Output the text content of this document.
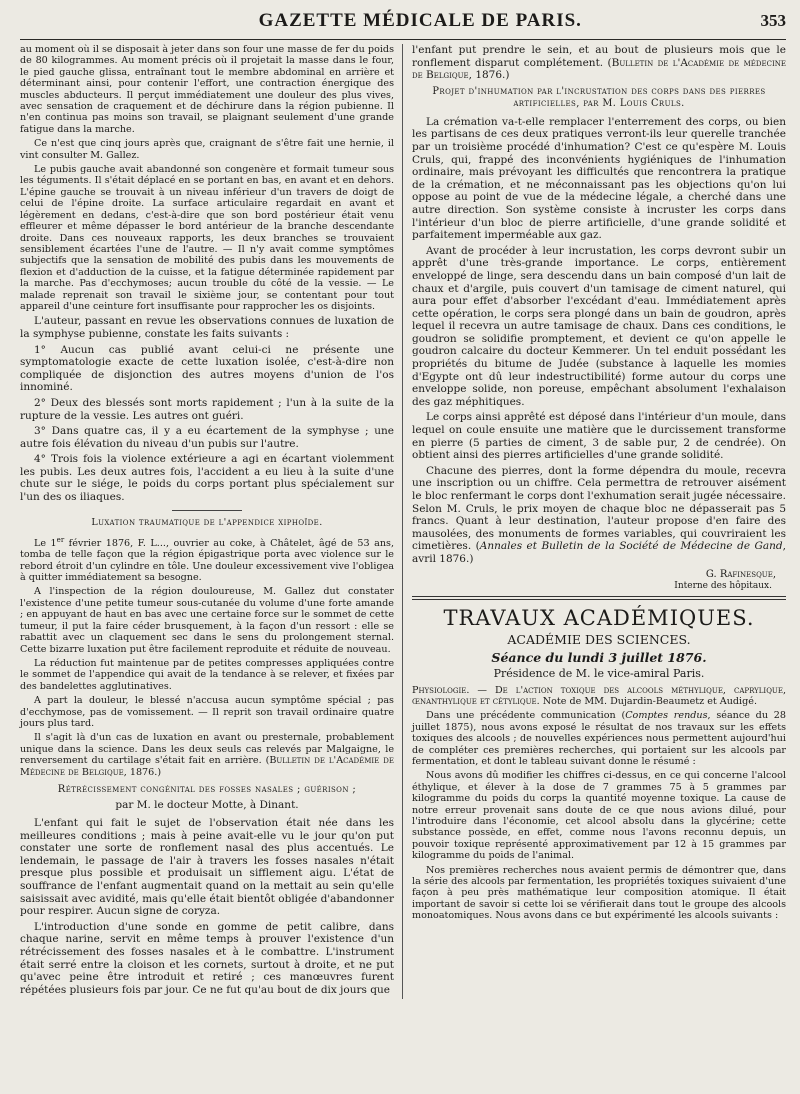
GAZETTE MÉDICALE DE PARIS.	353

au moment où il se disposait à jeter dans son four une masse de fer du poids de 80 kilogrammes. Au moment précis où il projetait la masse dans le four, le pied gauche glissa, entraînant tout le membre abdominal en arrière et déterminant ainsi, pour contenir l'effort, une contraction énergique des muscles abducteurs. Il perçut immédiatement une douleur des plus vives, avec sensation de craquement et de déchirure dans la région pubienne. Il n'en continua pas moins son travail, se plaignant seulement d'une grande fatigue dans la marche.

Ce n'est que cinq jours après que, craignant de s'être fait une hernie, il vint consulter M. Gallez.

Le pubis gauche avait abandonné son congenère et formait tumeur sous les téguments. Il s'était déplacé en se portant en bas, en avant et en dehors. L'épine gauche se trouvait à un niveau inférieur d'un travers de doigt de celui de l'épine droite. La surface articulaire regardait en avant et légèrement en dedans, c'est-à-dire que son bord postérieur était venu effleurer et même dépasser le bord antérieur de la branche descendante droite. Dans ces nouveaux rapports, les deux branches se trouvaient sensiblement écartées l'une de l'autre. — Il n'y avait comme symptômes subjectifs que la sensation de mobilité des pubis dans les mouvements de flexion et d'adduction de la cuisse, et la fatigue déterminée rapidement par la marche. Pas d'ecchymoses; aucun trouble du côté de la vessie. — Le malade reprenait son travail le sixième jour, se contentant pour tout appareil d'une ceinture fort insuffisante pour rapprocher les os disjoints.

L'auteur, passant en revue les observations connues de luxation de la symphyse pubienne, constate les faits suivants :

1° Aucun cas publié avant celui-ci ne présente une symptomatologie exacte de cette luxation isolée, c'est-à-dire non compliquée de disjonction des autres moyens d'union de l'os innominé.

2° Deux des blessés sont morts rapidement ; l'un à la suite de la rupture de la vessie. Les autres ont guéri.

3° Dans quatre cas, il y a eu écartement de la symphyse ; une autre fois élévation du niveau d'un pubis sur l'autre.

4° Trois fois la violence extérieure a agi en écartant violemment les pubis. Les deux autres fois, l'accident a eu lieu à la suite d'une chute sur le siége, le poids du corps portant plus spécialement sur l'un des os iliaques.

Luxation traumatique de l'appendice xiphoïde.

Le 1er février 1876, F. L..., ouvrier au coke, à Châtelet, âgé de 53 ans, tomba de telle façon que la région épigastrique porta avec violence sur le rebord étroit d'un cylindre en tôle. Une douleur excessivement vive l'obligea à quitter immédiatement sa besogne.

A l'inspection de la région douloureuse, M. Gallez dut constater l'existence d'une petite tumeur sous-cutanée du volume d'une forte amande ; en appuyant de haut en bas avec une certaine force sur le sommet de cette tumeur, il put la faire céder brusquement, à la façon d'un ressort : elle se rabattit avec un claquement sec dans le sens du prolongement sternal. Cette bizarre luxation put être facilement reproduite et réduite de nouveau.

La réduction fut maintenue par de petites compresses appliquées contre le sommet de l'appendice qui avait de la tendance à se relever, et fixées par des bandelettes agglutinatives.

A part la douleur, le blessé n'accusa aucun symptôme spécial ; pas d'ecchymose, pas de vomissement. — Il reprit son travail ordinaire quatre jours plus tard.

Il s'agit là d'un cas de luxation en avant ou presternale, probablement unique dans la science. Dans les deux seuls cas relevés par Malgaigne, le renversement du cartilage s'était fait en arrière. (Bulletin de l'Académie de Médecine de Belgique, 1876.)

Rétrécissement congénital des fosses nasales ; guérison ;
par M. le docteur Motte, à Dinant.

L'enfant qui fait le sujet de l'observation était née dans les meilleures conditions ; mais à peine avait-elle vu le jour qu'on put constater une sorte de ronflement nasal des plus accentués. Le lendemain, le passage de l'air à travers les fosses nasales n'était presque plus possible et produisait un sifflement aigu. L'état de souffrance de l'enfant augmentait quand on la mettait au sein qu'elle saisissait avec avidité, mais qu'elle était bientôt obligée d'abandonner pour respirer. Aucun signe de coryza.

L'introduction d'une sonde en gomme de petit calibre, dans chaque narine, servit en même temps à prouver l'existence d'un rétrécissement des fosses nasales et à le combattre. L'instrument était serré entre la cloison et les cornets, surtout à droite, et ne put qu'avec peine être introduit et retiré ; ces manœuvres furent répétées plusieurs fois par jour. Ce ne fut qu'au bout de dix jours que

l'enfant put prendre le sein, et au bout de plusieurs mois que le ronflement disparut complétement. (Bulletin de l'Académie de médecine de Belgique, 1876.)

Projet d'inhumation par l'incrustation des corps dans des pierres artificielles, par M. Louis Cruls.

La crémation va-t-elle remplacer l'enterrement des corps, ou bien les partisans de ces deux pratiques verront-ils leur querelle tranchée par un troisième procédé d'inhumation? C'est ce qu'espère M. Louis Cruls, qui, frappé des inconvénients hygiéniques de l'inhumation ordinaire, mais prévoyant les difficultés que rencontrera la pratique de la crémation, et ne méconnaissant pas les objections qu'on lui oppose au point de vue de la médecine légale, a cherché dans une autre direction. Son système consiste à incruster les corps dans l'intérieur d'un bloc de pierre artificielle, d'une grande solidité et parfaitement imperméable aux gaz.

Avant de procéder à leur incrustation, les corps devront subir un apprêt d'une très-grande importance. Le corps, entièrement enveloppé de linge, sera descendu dans un bain composé d'un lait de chaux et d'argile, puis couvert d'un tamisage de ciment naturel, qui aura pour effet d'absorber l'excédant d'eau. Immédiatement après cette opération, le corps sera plongé dans un bain de goudron, après lequel il recevra un autre tamisage de chaux. Dans ces conditions, le goudron se solidifie promptement, et devient ce qu'on appelle le goudron calcaire du docteur Kemmerer. Un tel enduit possédant les propriétés du bitume de Judée (substance à laquelle les momies d'Egypte ont dû leur indestructibilité) forme autour du corps une enveloppe solide, non poreuse, empêchant absolument l'exhalaison des gaz méphitiques.

Le corps ainsi apprêté est déposé dans l'intérieur d'un moule, dans lequel on coule ensuite une matière que le durcissement transforme en pierre (5 parties de ciment, 3 de sable pur, 2 de cendrée). On obtient ainsi des pierres artificielles d'une grande solidité.

Chacune des pierres, dont la forme dépendra du moule, recevra une inscription ou un chiffre. Cela permettra de retrouver aisément le bloc renfermant le corps dont l'exhumation serait jugée nécessaire. Selon M. Cruls, le prix moyen de chaque bloc ne dépasserait pas 5 francs. Quant à leur destination, l'auteur propose d'en faire des mausolées, des monuments de formes variables, qui couvriraient les cimetières. (Annales et Bulletin de la Société de Médecine de Gand, avril 1876.)

G. Rafinesque,
Interne des hôpitaux.
TRAVAUX ACADÉMIQUES.
ACADÉMIE DES SCIENCES.
Séance du lundi 3 juillet 1876.
Présidence de M. le vice-amiral Paris.

Physiologie. — De l'action toxique des alcools méthylique, caprylique, œnanthylique et cétylique. Note de MM. Dujardin-Beaumetz et Audigé.

Dans une précédente communication (Comptes rendus, séance du 28 juillet 1875), nous avons exposé le résultat de nos travaux sur les effets toxiques des alcools ; de nouvelles expériences nous permettent aujourd'hui de compléter ces premières recherches, qui portaient sur les alcools par fermentation, et dont le tableau suivant donne le résumé :

Nous avons dû modifier les chiffres ci-dessus, en ce qui concerne l'alcool éthylique, et élever à la dose de 7 grammes 75 à 5 grammes par kilogramme du poids du corps la quantité moyenne toxique. La cause de notre erreur provenait sans doute de ce que nous avions dilué, pour l'introduire dans l'économie, cet alcool absolu dans la glycérine; cette substance possède, en effet, comme nous l'avons reconnu depuis, un pouvoir toxique représenté approximativement par 12 à 15 grammes par kilogramme du poids de l'animal.

Nos premières recherches nous avaient permis de démontrer que, dans la série des alcools par fermentation, les propriétés toxiques suivaient d'une façon à peu près mathématique leur composition atomique. Il était important de savoir si cette loi se vérifierait dans tout le groupe des alcools monoatomiques. Nous avons dans ce but expérimenté les alcools suivants :
